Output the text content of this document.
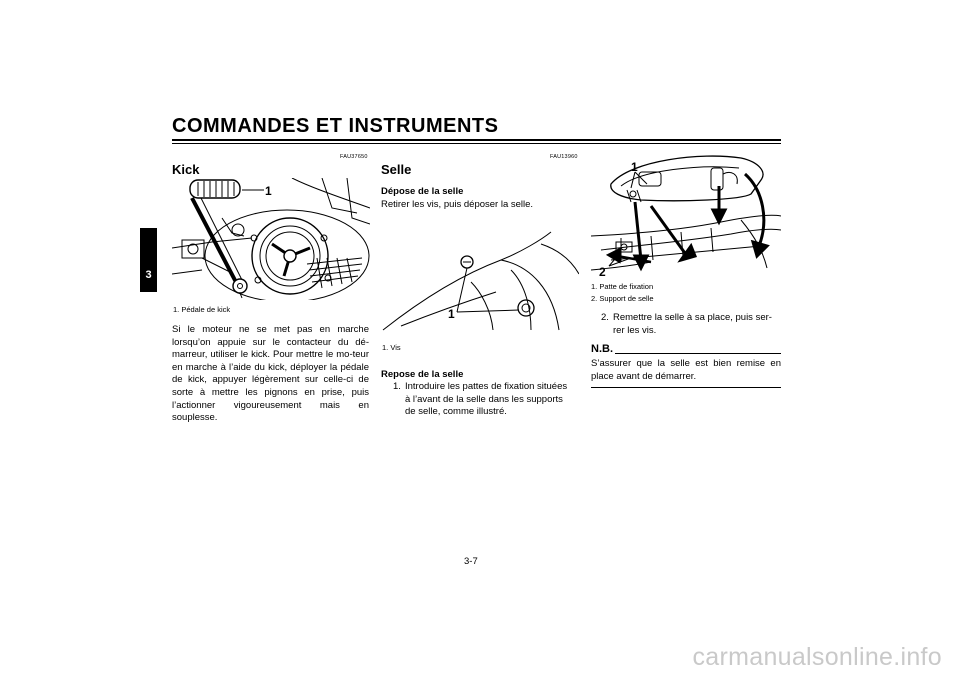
COMMANDES ET INSTRUMENTS
3
FAU37650
Kick
1
1. Pédale de kick

Si le moteur ne se met pas en marche lorsqu’on appuie sur le contacteur du dé-marreur, utiliser le kick. Pour mettre le mo-teur en marche à l’aide du kick, déployer la pédale de kick, appuyer légèrement sur celle-ci de sorte à mettre les pignons en prise, puis l’actionner vigoureusement mais en souplesse.

FAU13960
Selle
Dépose de la selle
Retirer les vis, puis déposer la selle.
1
1. Vis
Repose de la selle
1. Introduire les pattes de fixation situées
à l’avant de la selle dans les supports
de selle, comme illustré.
1
2
1. Patte de fixation
2. Support de selle
2. Remettre la selle à sa place, puis ser-
rer les vis.
N.B.

S’assurer que la selle est bien remise en place avant de démarrer.

3-7
carmanualsonline.info
